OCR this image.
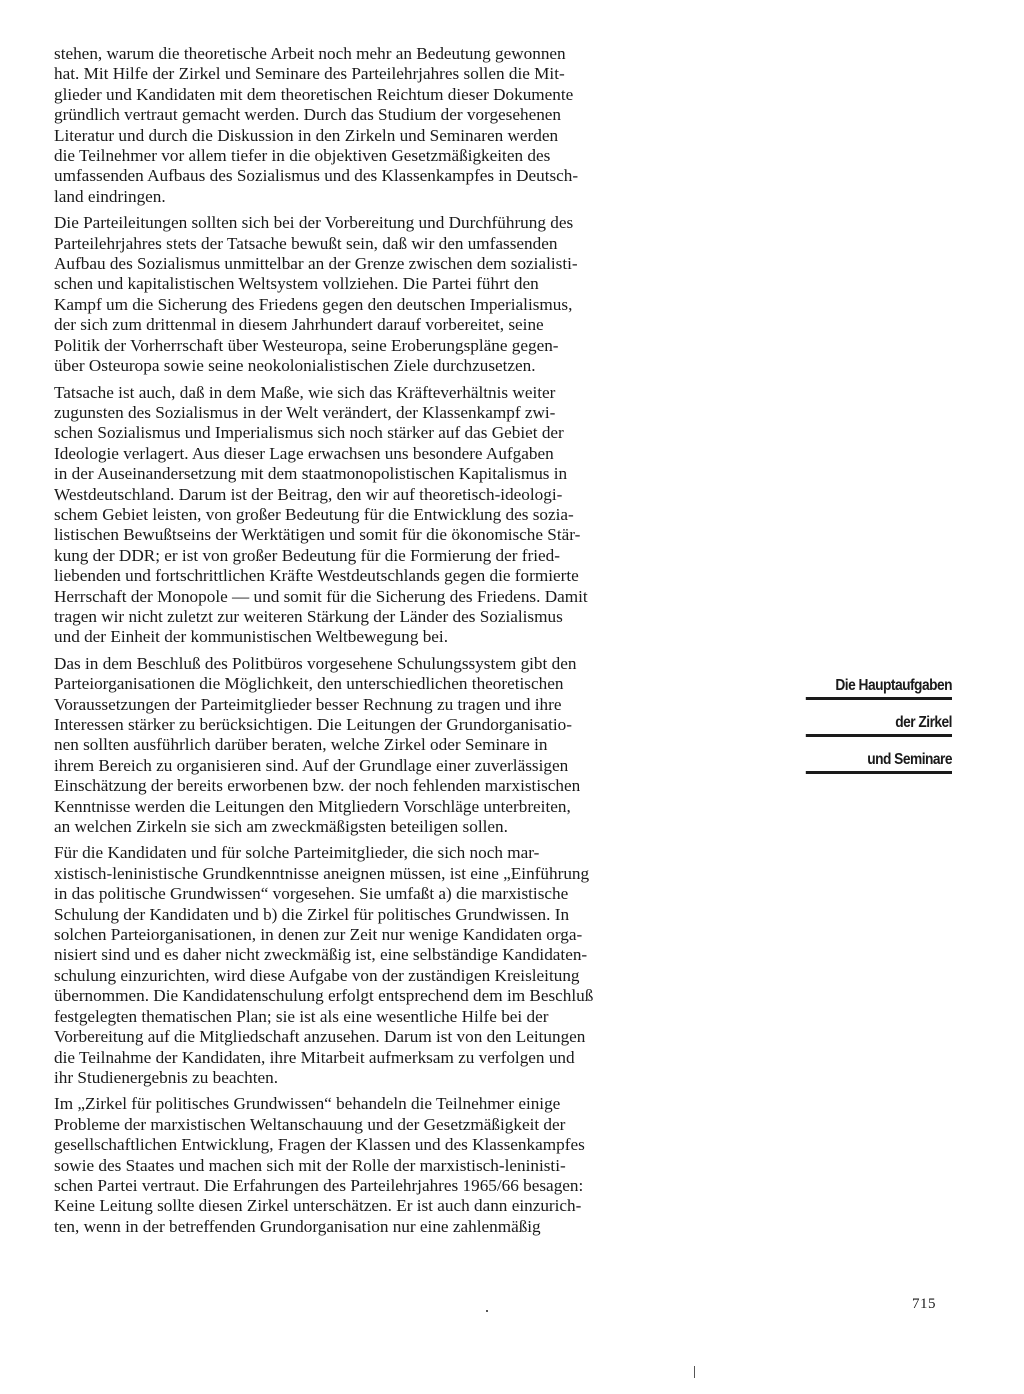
stehen, warum die theoretische Arbeit noch mehr an Bedeutung gewonnen
hat. Mit Hilfe der Zirkel und Seminare des Parteilehrjahres sollen die Mit-
glieder und Kandidaten mit dem theoretischen Reichtum dieser Dokumente
gründlich vertraut gemacht werden. Durch das Studium der vorgesehenen
Literatur und durch die Diskussion in den Zirkeln und Seminaren werden
die Teilnehmer vor allem tiefer in die objektiven Gesetzmäßigkeiten des
umfassenden Aufbaus des Sozialismus und des Klassenkampfes in Deutsch-
land eindringen.

Die Parteileitungen sollten sich bei der Vorbereitung und Durchführung des
Parteilehrjahres stets der Tatsache bewußt sein, daß wir den umfassenden
Aufbau des Sozialismus unmittelbar an der Grenze zwischen dem sozialisti-
schen und kapitalistischen Weltsystem vollziehen. Die Partei führt den
Kampf um die Sicherung des Friedens gegen den deutschen Imperialismus,
der sich zum drittenmal in diesem Jahrhundert darauf vorbereitet, seine
Politik der Vorherrschaft über Westeuropa, seine Eroberungspläne gegen-
über Osteuropa sowie seine neokolonialistischen Ziele durchzusetzen.

Tatsache ist auch, daß in dem Maße, wie sich das Kräfteverhältnis weiter
zugunsten des Sozialismus in der Welt verändert, der Klassenkampf zwi-
schen Sozialismus und Imperialismus sich noch stärker auf das Gebiet der
Ideologie verlagert. Aus dieser Lage erwachsen uns besondere Aufgaben
in der Auseinandersetzung mit dem staatmonopolistischen Kapitalismus in
Westdeutschland. Darum ist der Beitrag, den wir auf theoretisch-ideologi-
schem Gebiet leisten, von großer Bedeutung für die Entwicklung des sozia-
listischen Bewußtseins der Werktätigen und somit für die ökonomische Stär-
kung der DDR; er ist von großer Bedeutung für die Formierung der fried-
liebenden und fortschrittlichen Kräfte Westdeutschlands gegen die formierte
Herrschaft der Monopole — und somit für die Sicherung des Friedens. Damit
tragen wir nicht zuletzt zur weiteren Stärkung der Länder des Sozialismus
und der Einheit der kommunistischen Weltbewegung bei.

Das in dem Beschluß des Politbüros vorgesehene Schulungssystem gibt den
Parteiorganisationen die Möglichkeit, den unterschiedlichen theoretischen
Voraussetzungen der Parteimitglieder besser Rechnung zu tragen und ihre
Interessen stärker zu berücksichtigen. Die Leitungen der Grundorganisatio-
nen sollten ausführlich darüber beraten, welche Zirkel oder Seminare in
ihrem Bereich zu organisieren sind. Auf der Grundlage einer zuverlässigen
Einschätzung der bereits erworbenen bzw. der noch fehlenden marxistischen
Kenntnisse werden die Leitungen den Mitgliedern Vorschläge unterbreiten,
an welchen Zirkeln sie sich am zweckmäßigsten beteiligen sollen.

Für die Kandidaten und für solche Parteimitglieder, die sich noch mar-
xistisch-leninistische Grundkenntnisse aneignen müssen, ist eine „Einführung
in das politische Grundwissen“ vorgesehen. Sie umfaßt a) die marxistische
Schulung der Kandidaten und b) die Zirkel für politisches Grundwissen. In
solchen Parteiorganisationen, in denen zur Zeit nur wenige Kandidaten orga-
nisiert sind und es daher nicht zweckmäßig ist, eine selbständige Kandidaten-
schulung einzurichten, wird diese Aufgabe von der zuständigen Kreisleitung
übernommen. Die Kandidatenschulung erfolgt entsprechend dem im Beschluß
festgelegten thematischen Plan; sie ist als eine wesentliche Hilfe bei der
Vorbereitung auf die Mitgliedschaft anzusehen. Darum ist von den Leitungen
die Teilnahme der Kandidaten, ihre Mitarbeit aufmerksam zu verfolgen und
ihr Studienergebnis zu beachten.

Im „Zirkel für politisches Grundwissen“ behandeln die Teilnehmer einige
Probleme der marxistischen Weltanschauung und der Gesetzmäßigkeit der
gesellschaftlichen Entwicklung, Fragen der Klassen und des Klassenkampfes
sowie des Staates und machen sich mit der Rolle der marxistisch-leninisti-
schen Partei vertraut. Die Erfahrungen des Parteilehrjahres 1965/66 besagen:
Keine Leitung sollte diesen Zirkel unterschätzen. Er ist auch dann einzurich-
ten, wenn in der betreffenden Grundorganisation nur eine zahlenmäßig

Die Hauptaufgaben
der Zirkel
und Seminare
715
